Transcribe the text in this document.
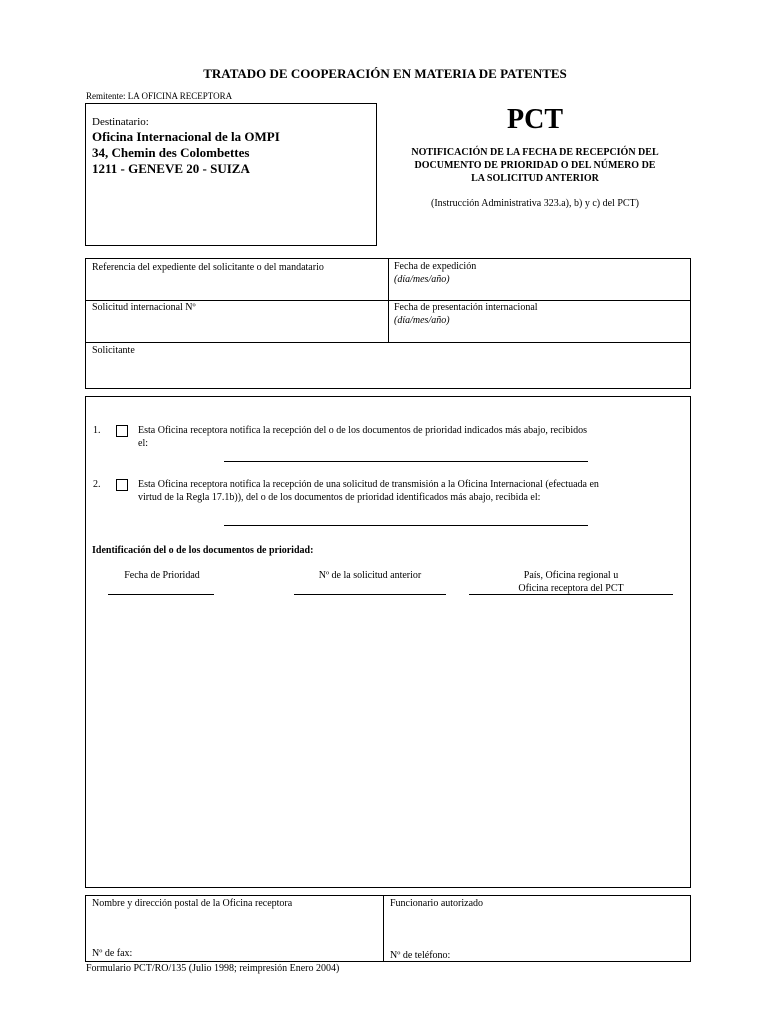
TRATADO DE COOPERACIÓN EN MATERIA DE PATENTES
Remitente: LA OFICINA RECEPTORA
Destinatario:
Oficina Internacional de la OMPI
34, Chemin des Colombettes
1211 - GENEVE 20 - SUIZA
PCT
NOTIFICACIÓN DE LA FECHA DE RECEPCIÓN DEL
DOCUMENTO DE PRIORIDAD O DEL NÚMERO DE
LA SOLICITUD ANTERIOR
(Instrucción Administrativa 323.a), b) y c) del PCT)
Referencia del expediente del solicitante o del mandatario	Fecha de expedición
(día/mes/año)
Solicitud internacional Nº	Fecha de presentación internacional
(día/mes/año)
Solicitante
1.	Esta Oficina receptora notifica la recepción del o de los documentos de prioridad indicados más abajo, recibidos
el:
2.	Esta Oficina receptora notifica la recepción de una solicitud de transmisión a la Oficina Internacional (efectuada en
virtud de la Regla 17.1b)), del o de los documentos de prioridad identificados más abajo, recibida el:
Identificación del o de los documentos de prioridad:
Fecha de Prioridad	Nº de la solicitud anterior	País, Oficina regional u
Oficina receptora del PCT
Nombre y dirección postal de la Oficina receptora	Funcionario autorizado
Nº de fax:	Nº de teléfono:
Formulario PCT/RO/135 (Julio 1998; reimpresión Enero 2004)
